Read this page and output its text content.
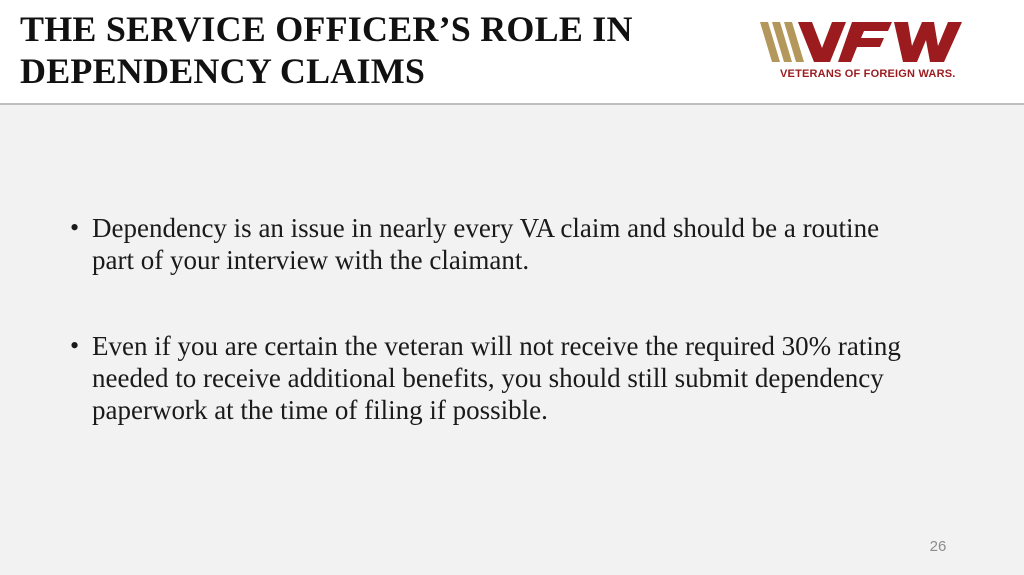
THE SERVICE OFFICER’S ROLE IN DEPENDENCY CLAIMS	VETERANS OF FOREIGN WARS.
• Dependency is an issue in nearly every VA claim and should be a routine part of your interview with the claimant.
• Even if you are certain the veteran will not receive the required 30% rating needed to receive additional benefits, you should still submit dependency paperwork at the time of filing if possible.
26
